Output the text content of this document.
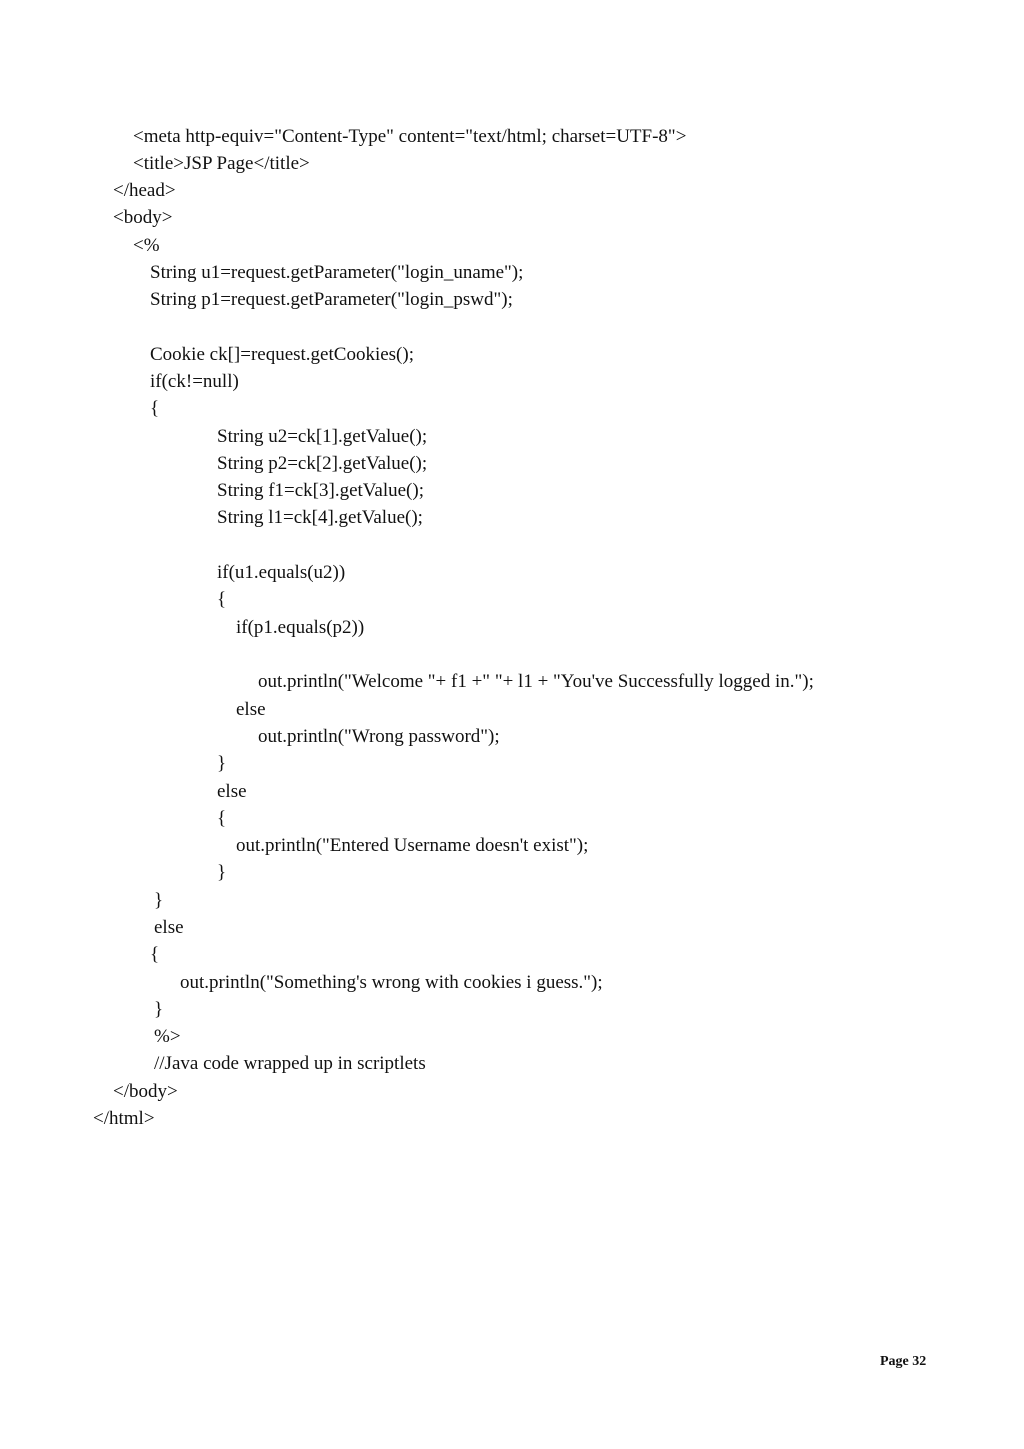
<meta http-equiv="Content-Type" content="text/html; charset=UTF-8">

<title>JSP Page</title>

</head>

<body>

<%

String u1=request.getParameter("login_uname");

String p1=request.getParameter("login_pswd");

Cookie ck[]=request.getCookies();

if(ck!=null)

{

String u2=ck[1].getValue();

String p2=ck[2].getValue();

String f1=ck[3].getValue();

String l1=ck[4].getValue();

if(u1.equals(u2))

{

if(p1.equals(p2))

out.println("Welcome "+ f1 +" "+ l1 + "You've Successfully logged in.");

else

out.println("Wrong password");

}

else

{

out.println("Entered Username doesn't exist");

}

}

else

{

out.println("Something's wrong with cookies i guess.");

}

%>

//Java code wrapped up in scriptlets

</body>

</html>

Page 32
